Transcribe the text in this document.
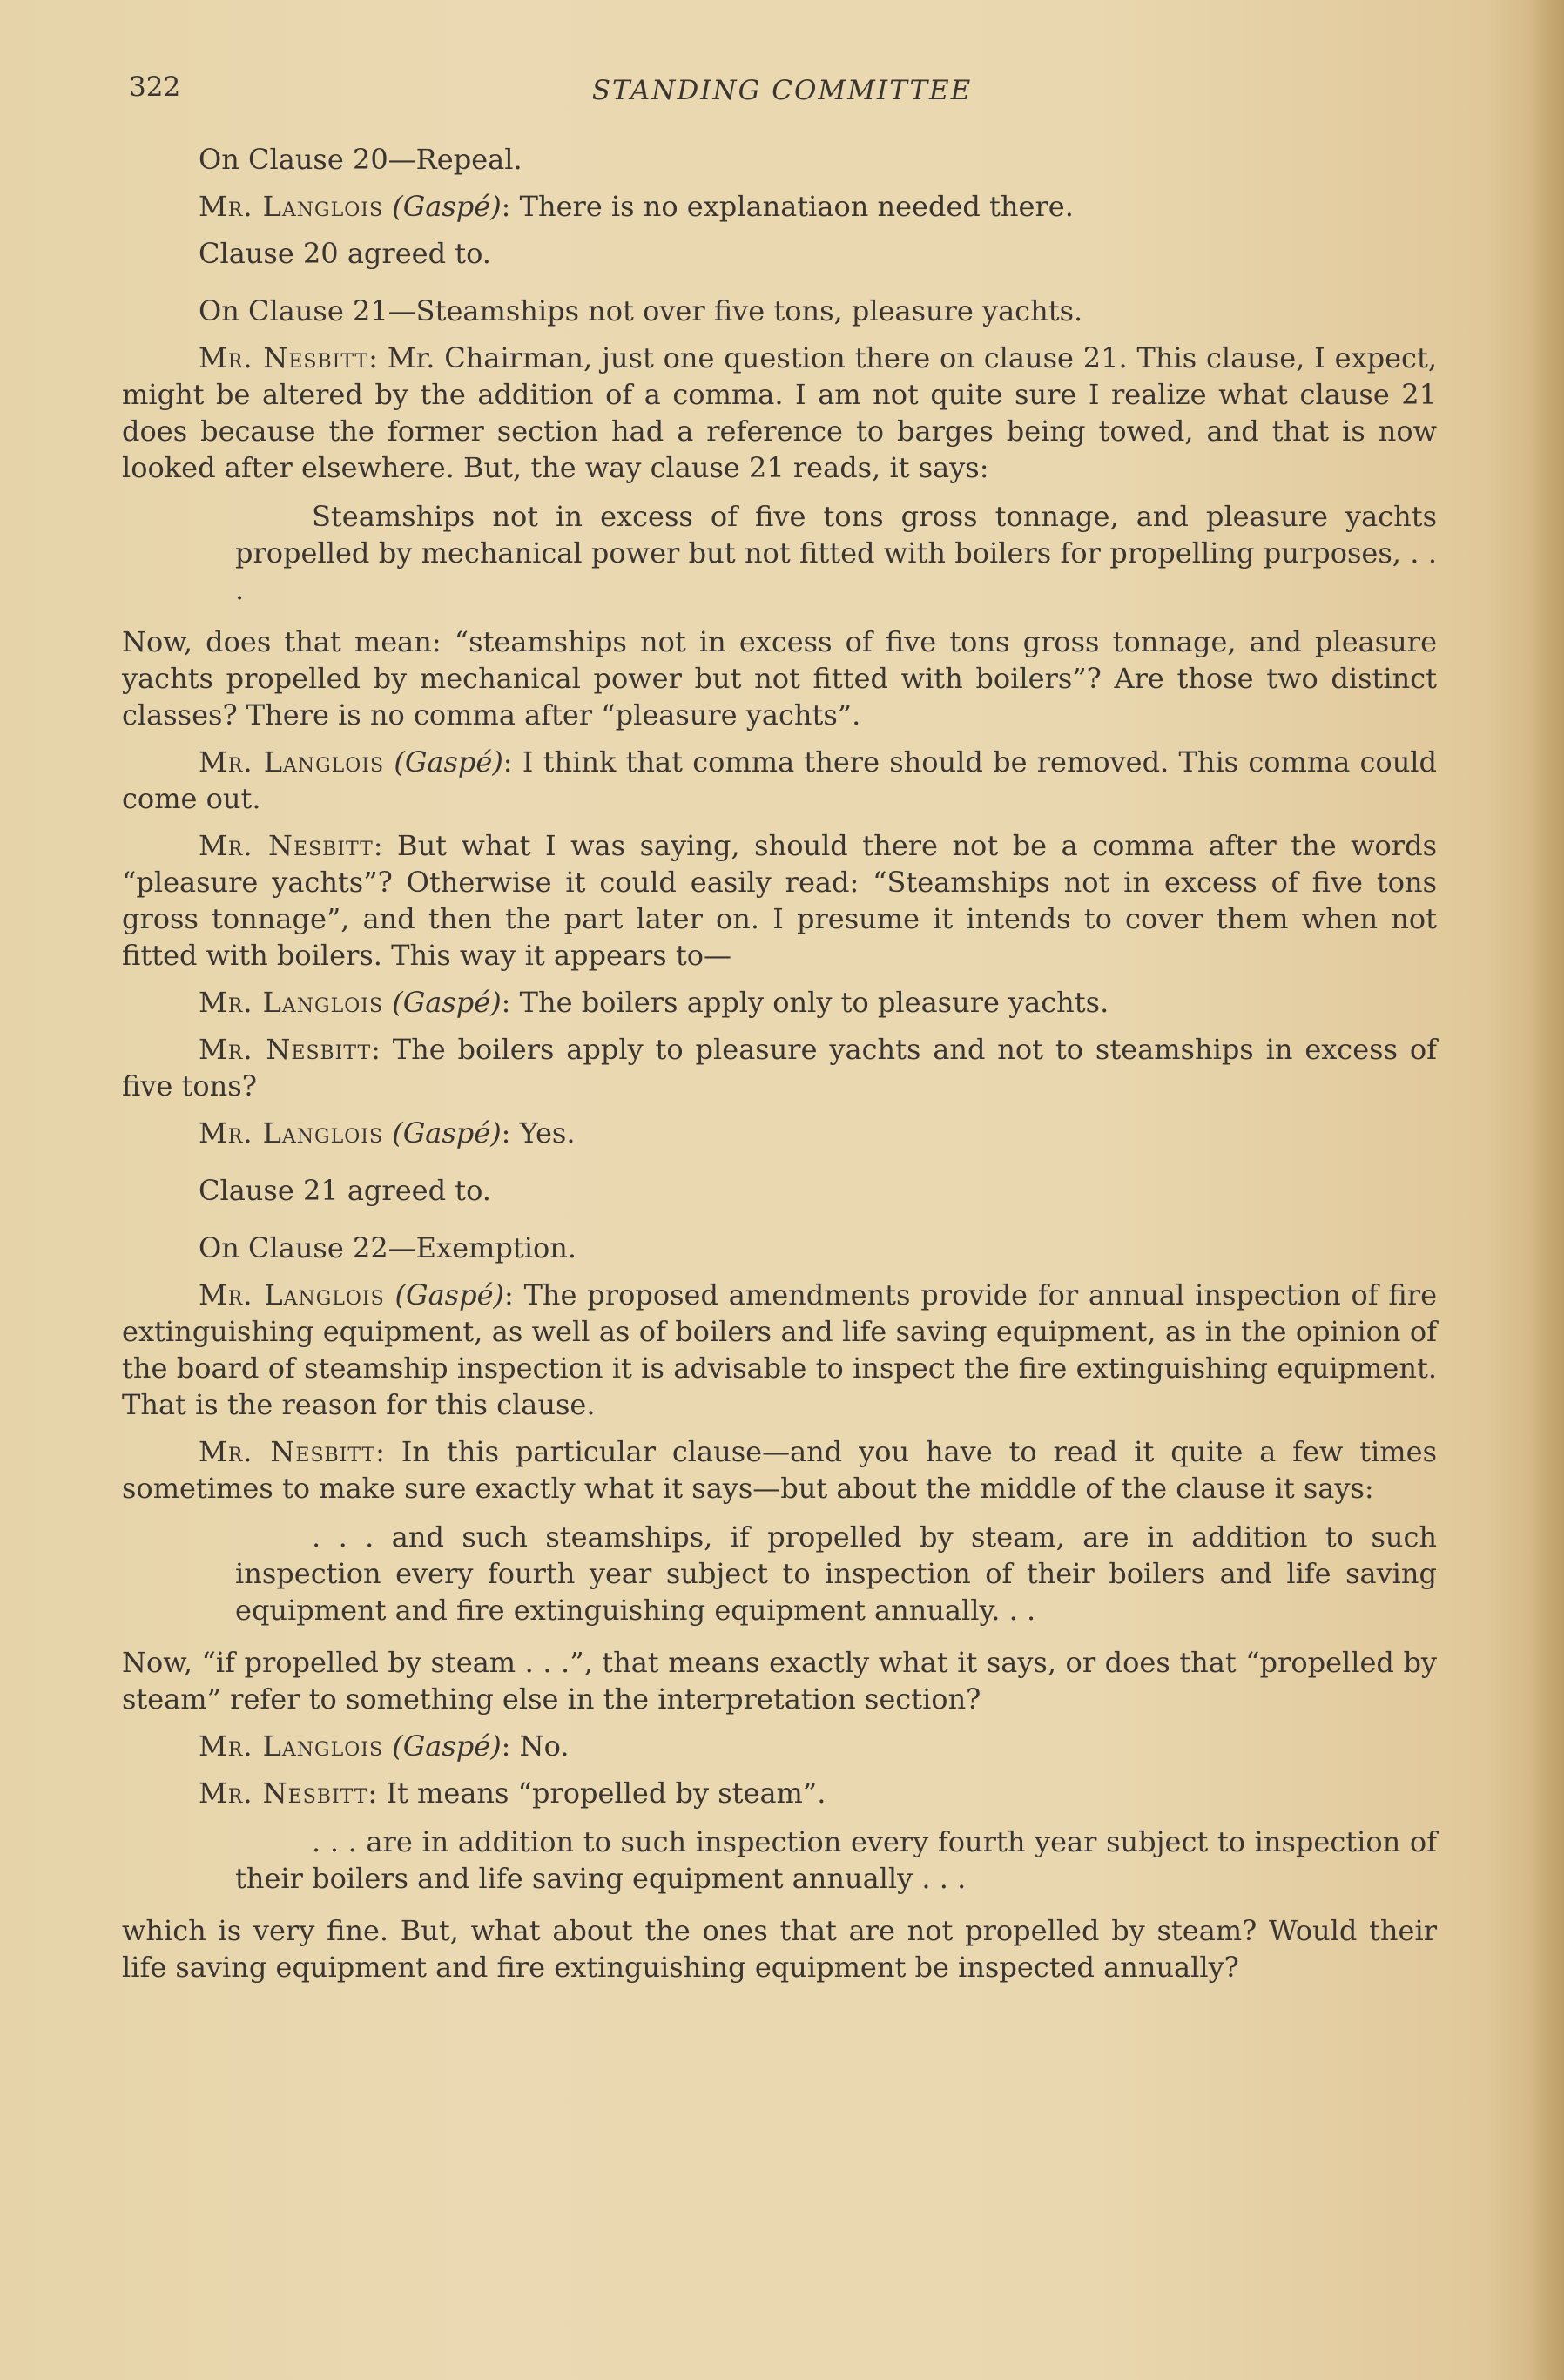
322	STANDING COMMITTEE

On Clause 20—Repeal.

Mr. Langlois (Gaspé): There is no explanatiaon needed there.

Clause 20 agreed to.

On Clause 21—Steamships not over five tons, pleasure yachts.

Mr. Nesbitt: Mr. Chairman, just one question there on clause 21. This clause, I expect, might be altered by the addition of a comma. I am not quite sure I realize what clause 21 does because the former section had a reference to barges being towed, and that is now looked after elsewhere. But, the way clause 21 reads, it says:

Steamships not in excess of five tons gross tonnage, and pleasure yachts propelled by mechanical power but not fitted with boilers for propelling purposes, . . .

Now, does that mean: “steamships not in excess of five tons gross tonnage, and pleasure yachts propelled by mechanical power but not fitted with boilers”? Are those two distinct classes? There is no comma after “pleasure yachts”.

Mr. Langlois (Gaspé): I think that comma there should be removed. This comma could come out.

Mr. Nesbitt: But what I was saying, should there not be a comma after the words “pleasure yachts”? Otherwise it could easily read: “Steamships not in excess of five tons gross tonnage”, and then the part later on. I presume it intends to cover them when not fitted with boilers. This way it appears to—

Mr. Langlois (Gaspé): The boilers apply only to pleasure yachts.

Mr. Nesbitt: The boilers apply to pleasure yachts and not to steamships in excess of five tons?

Mr. Langlois (Gaspé): Yes.

Clause 21 agreed to.

On Clause 22—Exemption.

Mr. Langlois (Gaspé): The proposed amendments provide for annual inspection of fire extinguishing equipment, as well as of boilers and life saving equipment, as in the opinion of the board of steamship inspection it is advisable to inspect the fire extinguishing equipment. That is the reason for this clause.

Mr. Nesbitt: In this particular clause—and you have to read it quite a few times sometimes to make sure exactly what it says—but about the middle of the clause it says:

. . . and such steamships, if propelled by steam, are in addition to such inspection every fourth year subject to inspection of their boilers and life saving equipment and fire extinguishing equipment annually. . .

Now, “if propelled by steam . . .”, that means exactly what it says, or does that “propelled by steam” refer to something else in the interpretation section?

Mr. Langlois (Gaspé): No.

Mr. Nesbitt: It means “propelled by steam”.

. . . are in addition to such inspection every fourth year subject to inspection of their boilers and life saving equipment annually . . .

which is very fine. But, what about the ones that are not propelled by steam? Would their life saving equipment and fire extinguishing equipment be inspected annually?
